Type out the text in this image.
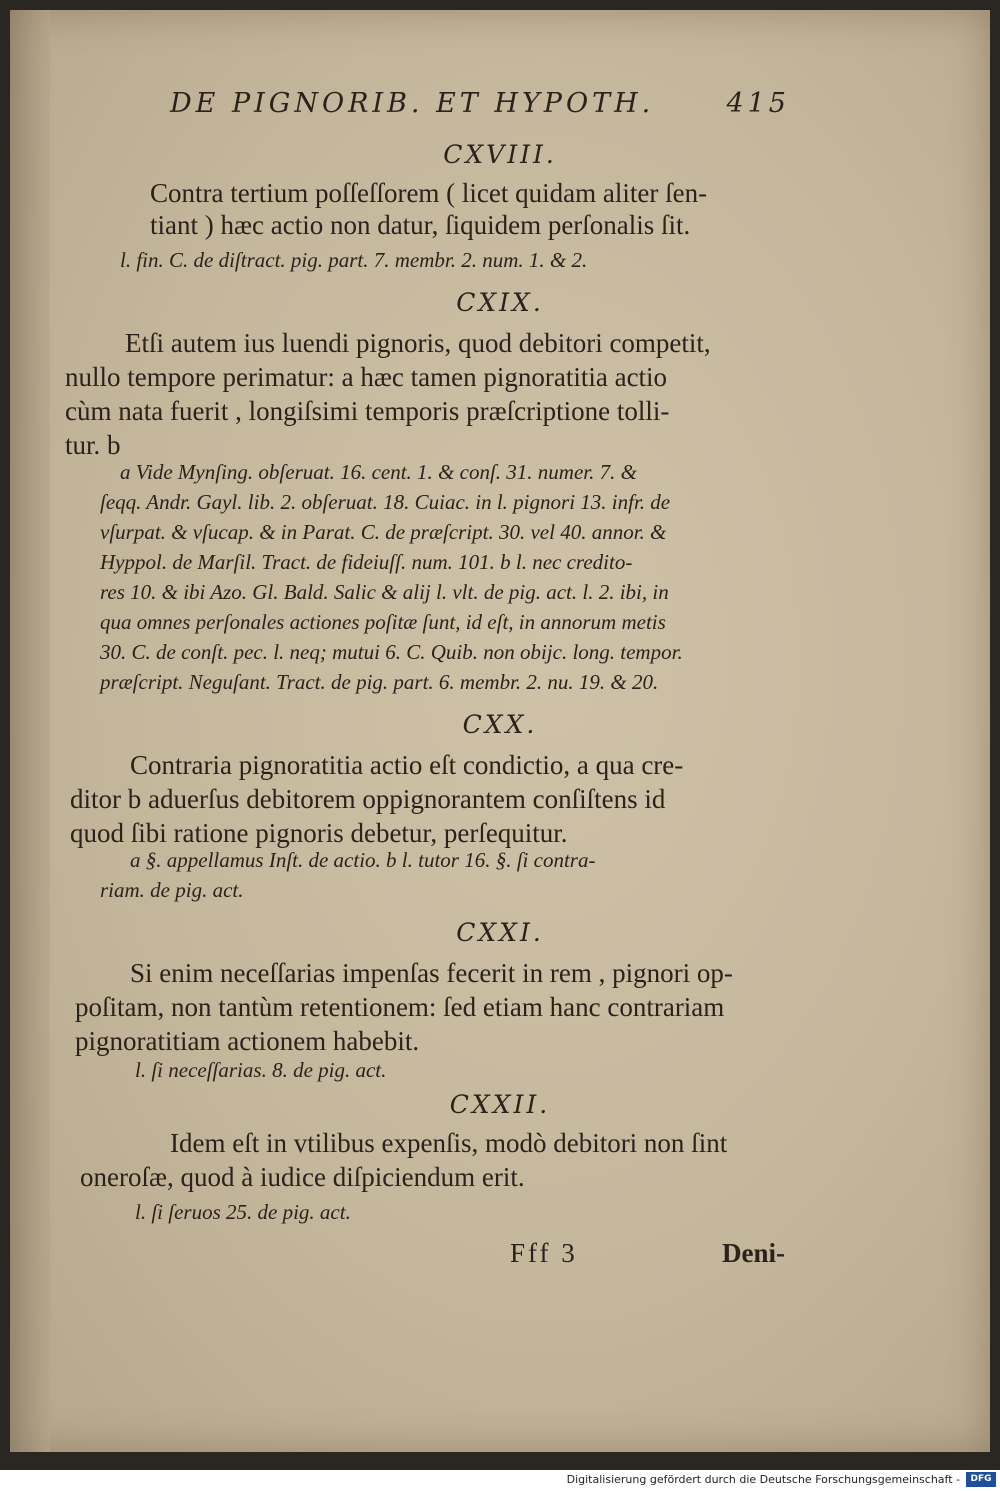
DE PIGNORIB. ET HYPOTH.	415
CXVIII.
Contra tertium poſſeſſorem ( licet quidam aliter ſen-
tiant ) hæc actio non datur, ſiquidem perſonalis ſit.
l. fin. C. de diſtract. pig. part. 7. membr. 2. num. 1. & 2.
CXIX.
Etſi autem ius luendi pignoris, quod debitori competit,
nullo tempore perimatur: a hæc tamen pignoratitia actio
cùm nata fuerit , longiſsimi temporis præſcriptione tolli-
tur. b
a Vide Mynſing. obſeruat. 16. cent. 1. & conſ. 31. numer. 7. &
ſeqq. Andr. Gayl. lib. 2. obſeruat. 18. Cuiac. in l. pignori 13. infr. de
vſurpat. & vſucap. & in Parat. C. de præſcript. 30. vel 40. annor. &
Hyppol. de Marſil. Tract. de fideiuſſ. num. 101. b l. nec credito-
res 10. & ibi Azo. Gl. Bald. Salic & alij l. vlt. de pig. act. l. 2. ibi, in
qua omnes perſonales actiones poſitæ ſunt, id eſt, in annorum metis
30. C. de conſt. pec. l. neq; mutui 6. C. Quib. non obijc. long. tempor.
præſcript. Neguſant. Tract. de pig. part. 6. membr. 2. nu. 19. & 20.
CXX.
Contraria pignoratitia actio eſt condictio, a qua cre-
ditor b aduerſus debitorem oppignorantem conſiſtens id
quod ſibi ratione pignoris debetur, perſequitur.
a §. appellamus Inſt. de actio. b l. tutor 16. §. ſi contra-
riam. de pig. act.
CXXI.
Si enim neceſſarias impenſas fecerit in rem , pignori op-
poſitam, non tantùm retentionem: ſed etiam hanc contrariam
pignoratitiam actionem habebit.
l. ſi neceſſarias. 8. de pig. act.
CXXII.
Idem eſt in vtilibus expenſis, modò debitori non ſint
oneroſæ, quod à iudice diſpiciendum erit.
l. ſi ſeruos 25. de pig. act.
Fff 3	Deni-
Digitalisierung gefördert durch die Deutsche Forschungsgemeinschaft -	DFG
